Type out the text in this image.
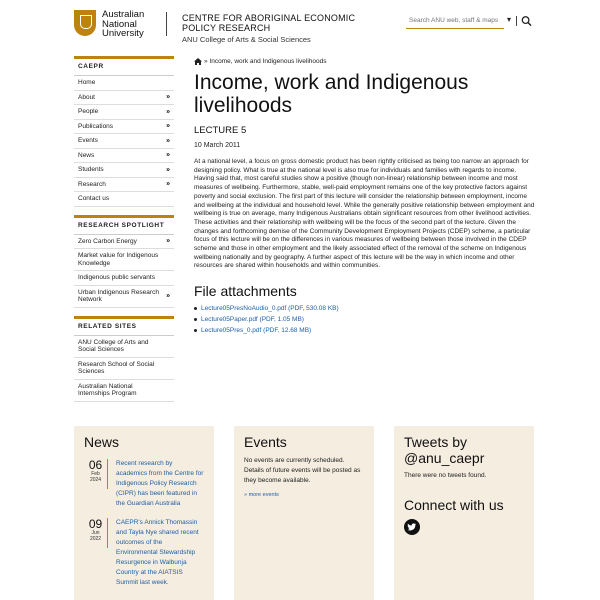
Australian
National
University
CENTRE FOR ABORIGINAL ECONOMIC
POLICY RESEARCH
ANU College of Arts & Social Sciences
Search ANU web, staff & maps
▾
CAEPR
Home
About	»
People	»
Publications	»
Events	»
News	»
Students	»
Research	»
Contact us
RESEARCH SPOTLIGHT
Zero Carbon Energy	»
Market value for Indigenous Knowledge
Indigenous public servants
Urban Indigenous Research Network
»
RELATED SITES
ANU College of Arts and Social Sciences
Research School of Social Sciences
Australian National Internships Program
» Income, work and Indigenous livelihoods
Income, work and Indigenous livelihoods
LECTURE 5
10 March 2011

At a national level, a focus on gross domestic product has been rightly criticised as being too narrow an approach for designing policy. What is true at the national level is also true for individuals and families with regards to income. Having said that, most careful studies show a positive (though non-linear) relationship between income and most measures of wellbeing. Furthermore, stable, well-paid employment remains one of the key protective factors against poverty and social exclusion. The first part of this lecture will consider the relationship between employment, income and wellbeing at the individual and household level. While the generally positive relationship between employment and wellbeing is true on average, many Indigenous Australians obtain significant resources from other livelihood activities. These activities and their relationship with wellbeing will be the focus of the second part of the lecture. Given the changes and forthcoming demise of the Community Development Employment Projects (CDEP) scheme, a particular focus of this lecture will be on the differences in various measures of wellbeing between those involved in the CDEP scheme and those in other employment and the likely associated effect of the removal of the scheme on Indigenous wellbeing nationally and by geography. A further aspect of this lecture will be the way in which income and other resources are shared within households and within communities.

File attachments
Lecture05PresNoAudio_0.pdf (PDF, 530.08 KB)
Lecture05Paper.pdf (PDF, 1.05 MB)
Lecture05Pres_0.pdf (PDF, 12.68 MB)
News
06
Feb
2024
Recent research by academics from the Centre for Indigenous Policy Research (CIPR) has been featured in the Guardian Australia
09
Jun
2022
CAEPR's Annick Thomassin and Tayla Nye shared recent outcomes of the Environmental Stewardship Resurgence in Walbunja Country at the AIATSIS Summit last week.
Events
No events are currently scheduled. Details of future events will be posted as they become available.
» more events
Tweets by @anu_caepr
There were no tweets found.
Connect with us
